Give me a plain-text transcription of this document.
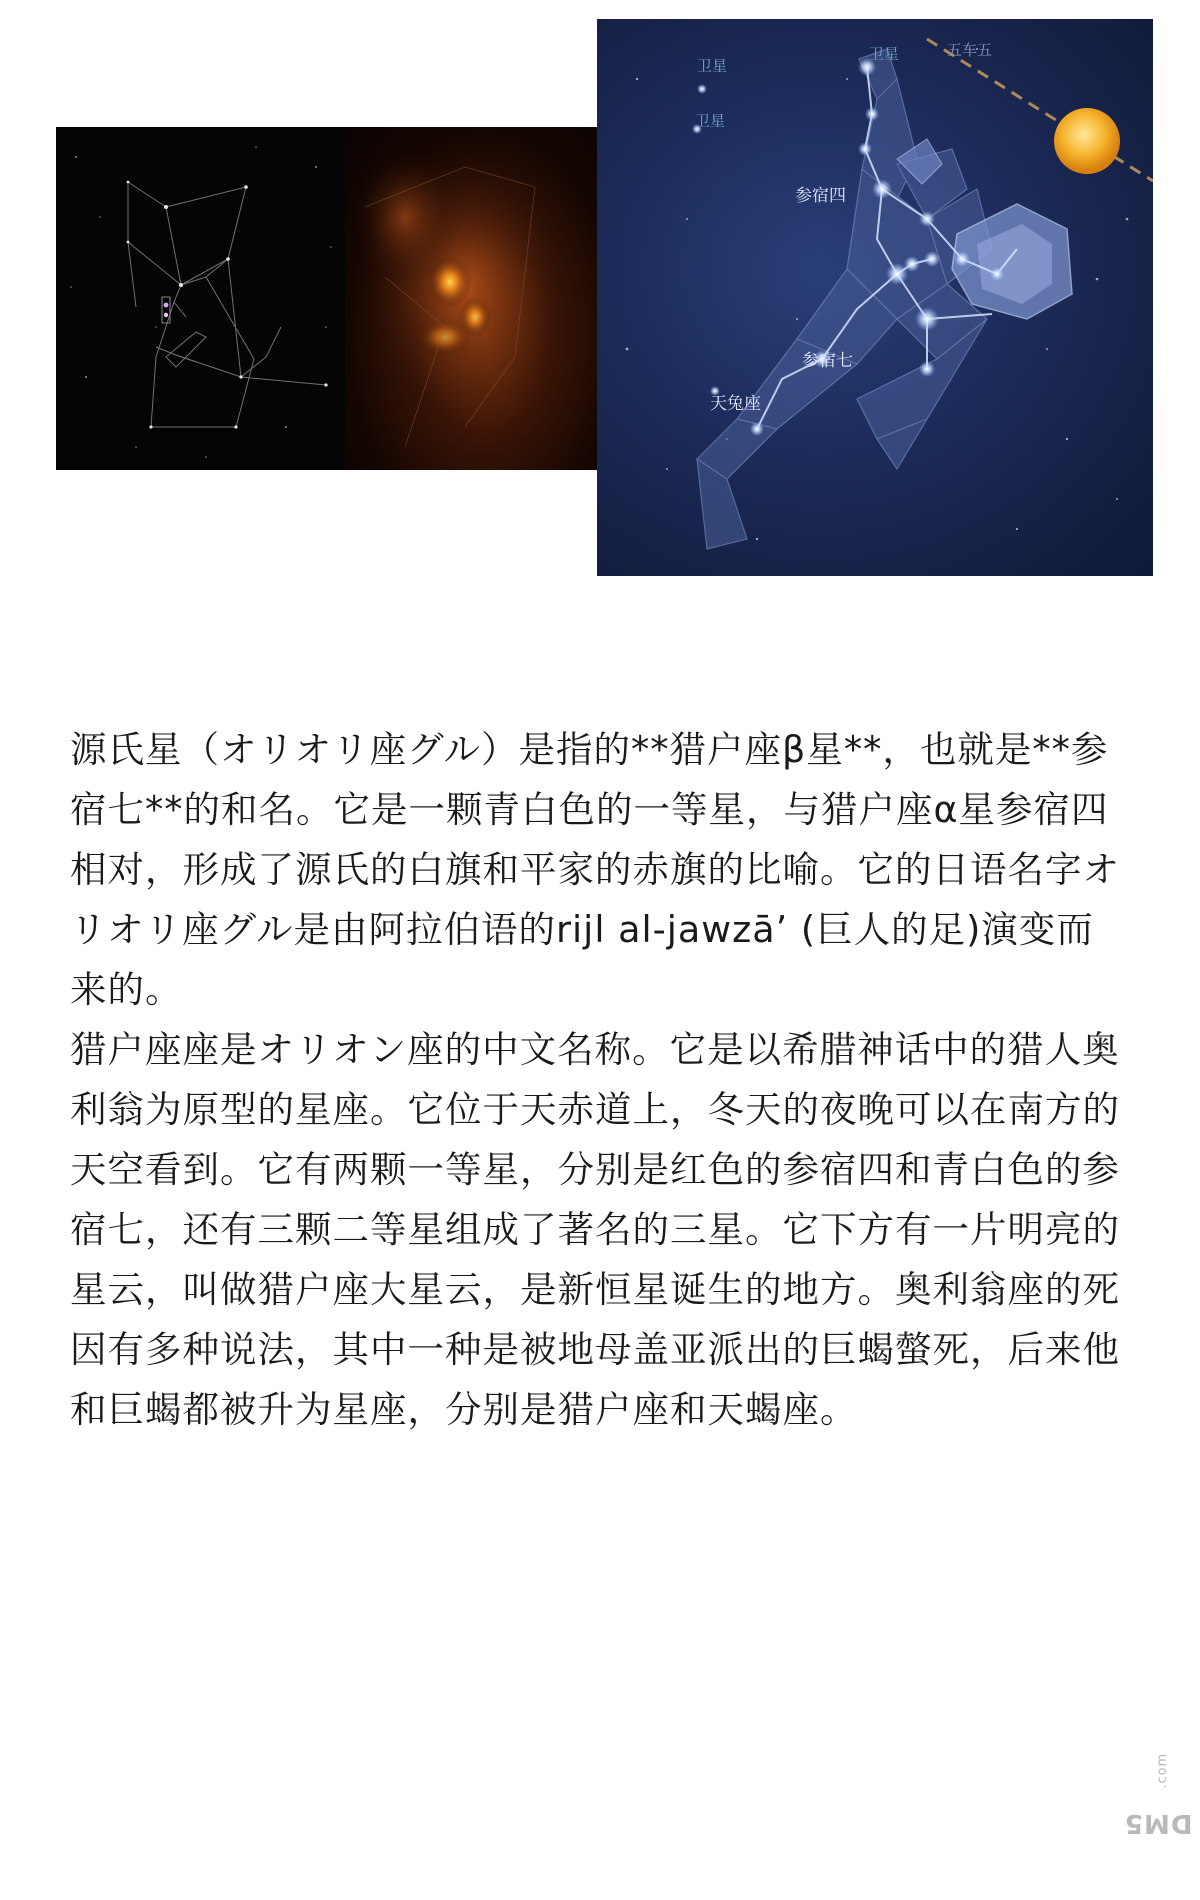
卫星
卫星
卫星	五车五
参宿四
参宿七
天兔座

源氏星（オリオリ座グル）是指的**猎户座β星**，也就是**参宿七**的和名。它是一颗青白色的一等星，与猎户座α星参宿四相对，形成了源氏的白旗和平家的赤旗的比喻。它的日语名字オリオリ座グル是由阿拉伯语的rijl al-jawzā’ (巨人的足)演变而来的。

猎户座座是オリオン座的中文名称。它是以希腊神话中的猎人奥利翁为原型的星座。它位于天赤道上，冬天的夜晚可以在南方的天空看到。它有两颗一等星，分别是红色的参宿四和青白色的参宿七，还有三颗二等星组成了著名的三星。它下方有一片明亮的星云，叫做猎户座大星云，是新恒星诞生的地方。奥利翁座的死因有多种说法，其中一种是被地母盖亚派出的巨蝎螫死，后来他和巨蝎都被升为星座，分别是猎户座和天蝎座。

DM5.com
